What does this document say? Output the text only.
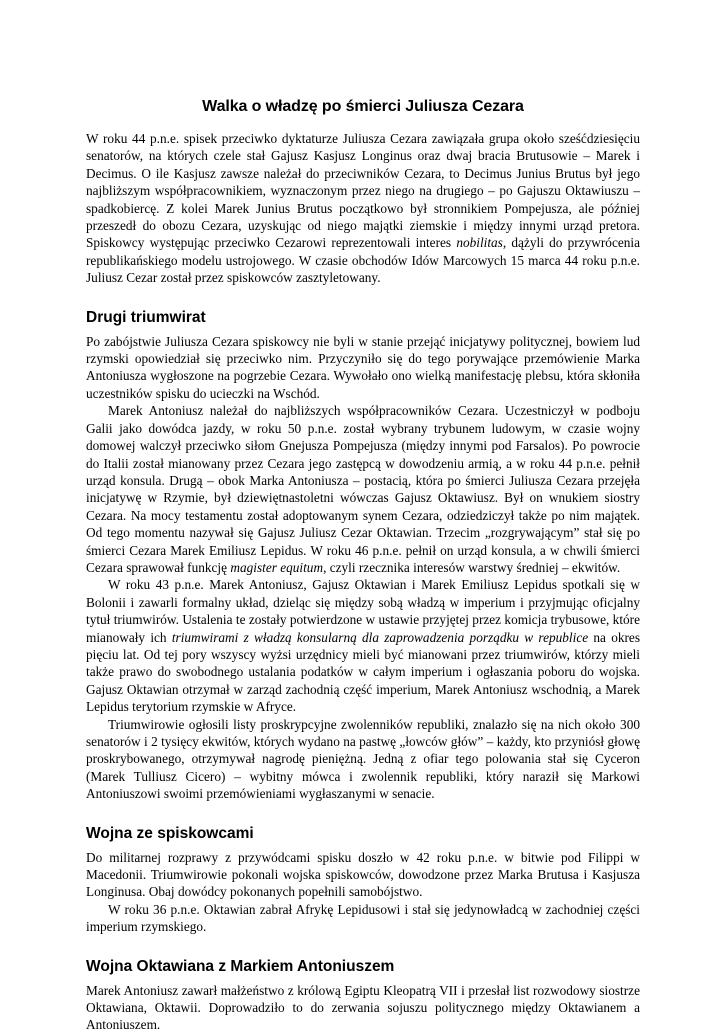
Walka o władzę po śmierci Juliusza Cezara

W roku 44 p.n.e. spisek przeciwko dyktaturze Juliusza Cezara zawiązała grupa około sześćdziesięciu senatorów, na których czele stał Gajusz Kasjusz Longinus oraz dwaj bracia Brutusowie – Marek i Decimus. O ile Kasjusz zawsze należał do przeciwników Cezara, to Decimus Junius Brutus był jego najbliższym współpracownikiem, wyznaczonym przez niego na drugiego – po Gajuszu Oktawiuszu – spadkobiercę. Z kolei Marek Junius Brutus początkowo był stronnikiem Pompejusza, ale później przeszedł do obozu Cezara, uzyskując od niego majątki ziemskie i między innymi urząd pretora. Spiskowcy występując przeciwko Cezarowi reprezentowali interes nobilitas, dążyli do przywrócenia republikańskiego modelu ustrojowego. W czasie obchodów Idów Marcowych 15 marca 44 roku p.n.e. Juliusz Cezar został przez spiskowców zasztyletowany.

Drugi triumwirat

Po zabójstwie Juliusza Cezara spiskowcy nie byli w stanie przejąć inicjatywy politycznej, bowiem lud rzymski opowiedział się przeciwko nim. Przyczyniło się do tego porywające przemówienie Marka Antoniusza wygłoszone na pogrzebie Cezara. Wywołało ono wielką manifestację plebsu, która skłoniła uczestników spisku do ucieczki na Wschód.

Marek Antoniusz należał do najbliższych współpracowników Cezara. Uczestniczył w podboju Galii jako dowódca jazdy, w roku 50 p.n.e. został wybrany trybunem ludowym, w czasie wojny domowej walczył przeciwko siłom Gnejusza Pompejusza (między innymi pod Farsalos). Po powrocie do Italii został mianowany przez Cezara jego zastępcą w dowodzeniu armią, a w roku 44 p.n.e. pełnił urząd konsula. Drugą – obok Marka Antoniusza – postacią, która po śmierci Juliusza Cezara przejęła inicjatywę w Rzymie, był dziewiętnastoletni wówczas Gajusz Oktawiusz. Był on wnukiem siostry Cezara. Na mocy testamentu został adoptowanym synem Cezara, odziedziczył także po nim majątek. Od tego momentu nazywał się Gajusz Juliusz Cezar Oktawian. Trzecim „rozgrywającym” stał się po śmierci Cezara Marek Emiliusz Lepidus. W roku 46 p.n.e. pełnił on urząd konsula, a w chwili śmierci Cezara sprawował funkcję magister equitum, czyli rzecznika interesów warstwy średniej – ekwitów.

W roku 43 p.n.e. Marek Antoniusz, Gajusz Oktawian i Marek Emiliusz Lepidus spotkali się w Bolonii i zawarli formalny układ, dzieląc się między sobą władzą w imperium i przyjmując oficjalny tytuł triumwirów. Ustalenia te zostały potwierdzone w ustawie przyjętej przez komicja trybusowe, które mianowały ich triumwirami z władzą konsularną dla zaprowadzenia porządku w republice na okres pięciu lat. Od tej pory wszyscy wyżsi urzędnicy mieli być mianowani przez triumwirów, którzy mieli także prawo do swobodnego ustalania podatków w całym imperium i ogłaszania poboru do wojska. Gajusz Oktawian otrzymał w zarząd zachodnią część imperium, Marek Antoniusz wschodnią, a Marek Lepidus terytorium rzymskie w Afryce.

Triumwirowie ogłosili listy proskrypcyjne zwolenników republiki, znalazło się na nich około 300 senatorów i 2 tysięcy ekwitów, których wydano na pastwę „łowców głów” – każdy, kto przyniósł głowę proskrybowanego, otrzymywał nagrodę pieniężną. Jedną z ofiar tego polowania stał się Cyceron (Marek Tulliusz Cicero) – wybitny mówca i zwolennik republiki, który naraził się Markowi Antoniuszowi swoimi przemówieniami wygłaszanymi w senacie.

Wojna ze spiskowcami

Do militarnej rozprawy z przywódcami spisku doszło w 42 roku p.n.e. w bitwie pod Filippi w Macedonii. Triumwirowie pokonali wojska spiskowców, dowodzone przez Marka Brutusa i Kasjusza Longinusa. Obaj dowódcy pokonanych popełnili samobójstwo.

W roku 36 p.n.e. Oktawian zabrał Afrykę Lepidusowi i stał się jedynowładcą w zachodniej części imperium rzymskiego.

Wojna Oktawiana z Markiem Antoniuszem

Marek Antoniusz zawarł małżeństwo z królową Egiptu Kleopatrą VII i przesłał list rozwodowy siostrze Oktawiana, Oktawii. Doprowadziło to do zerwania sojuszu politycznego między Oktawianem a Antoniuszem.
